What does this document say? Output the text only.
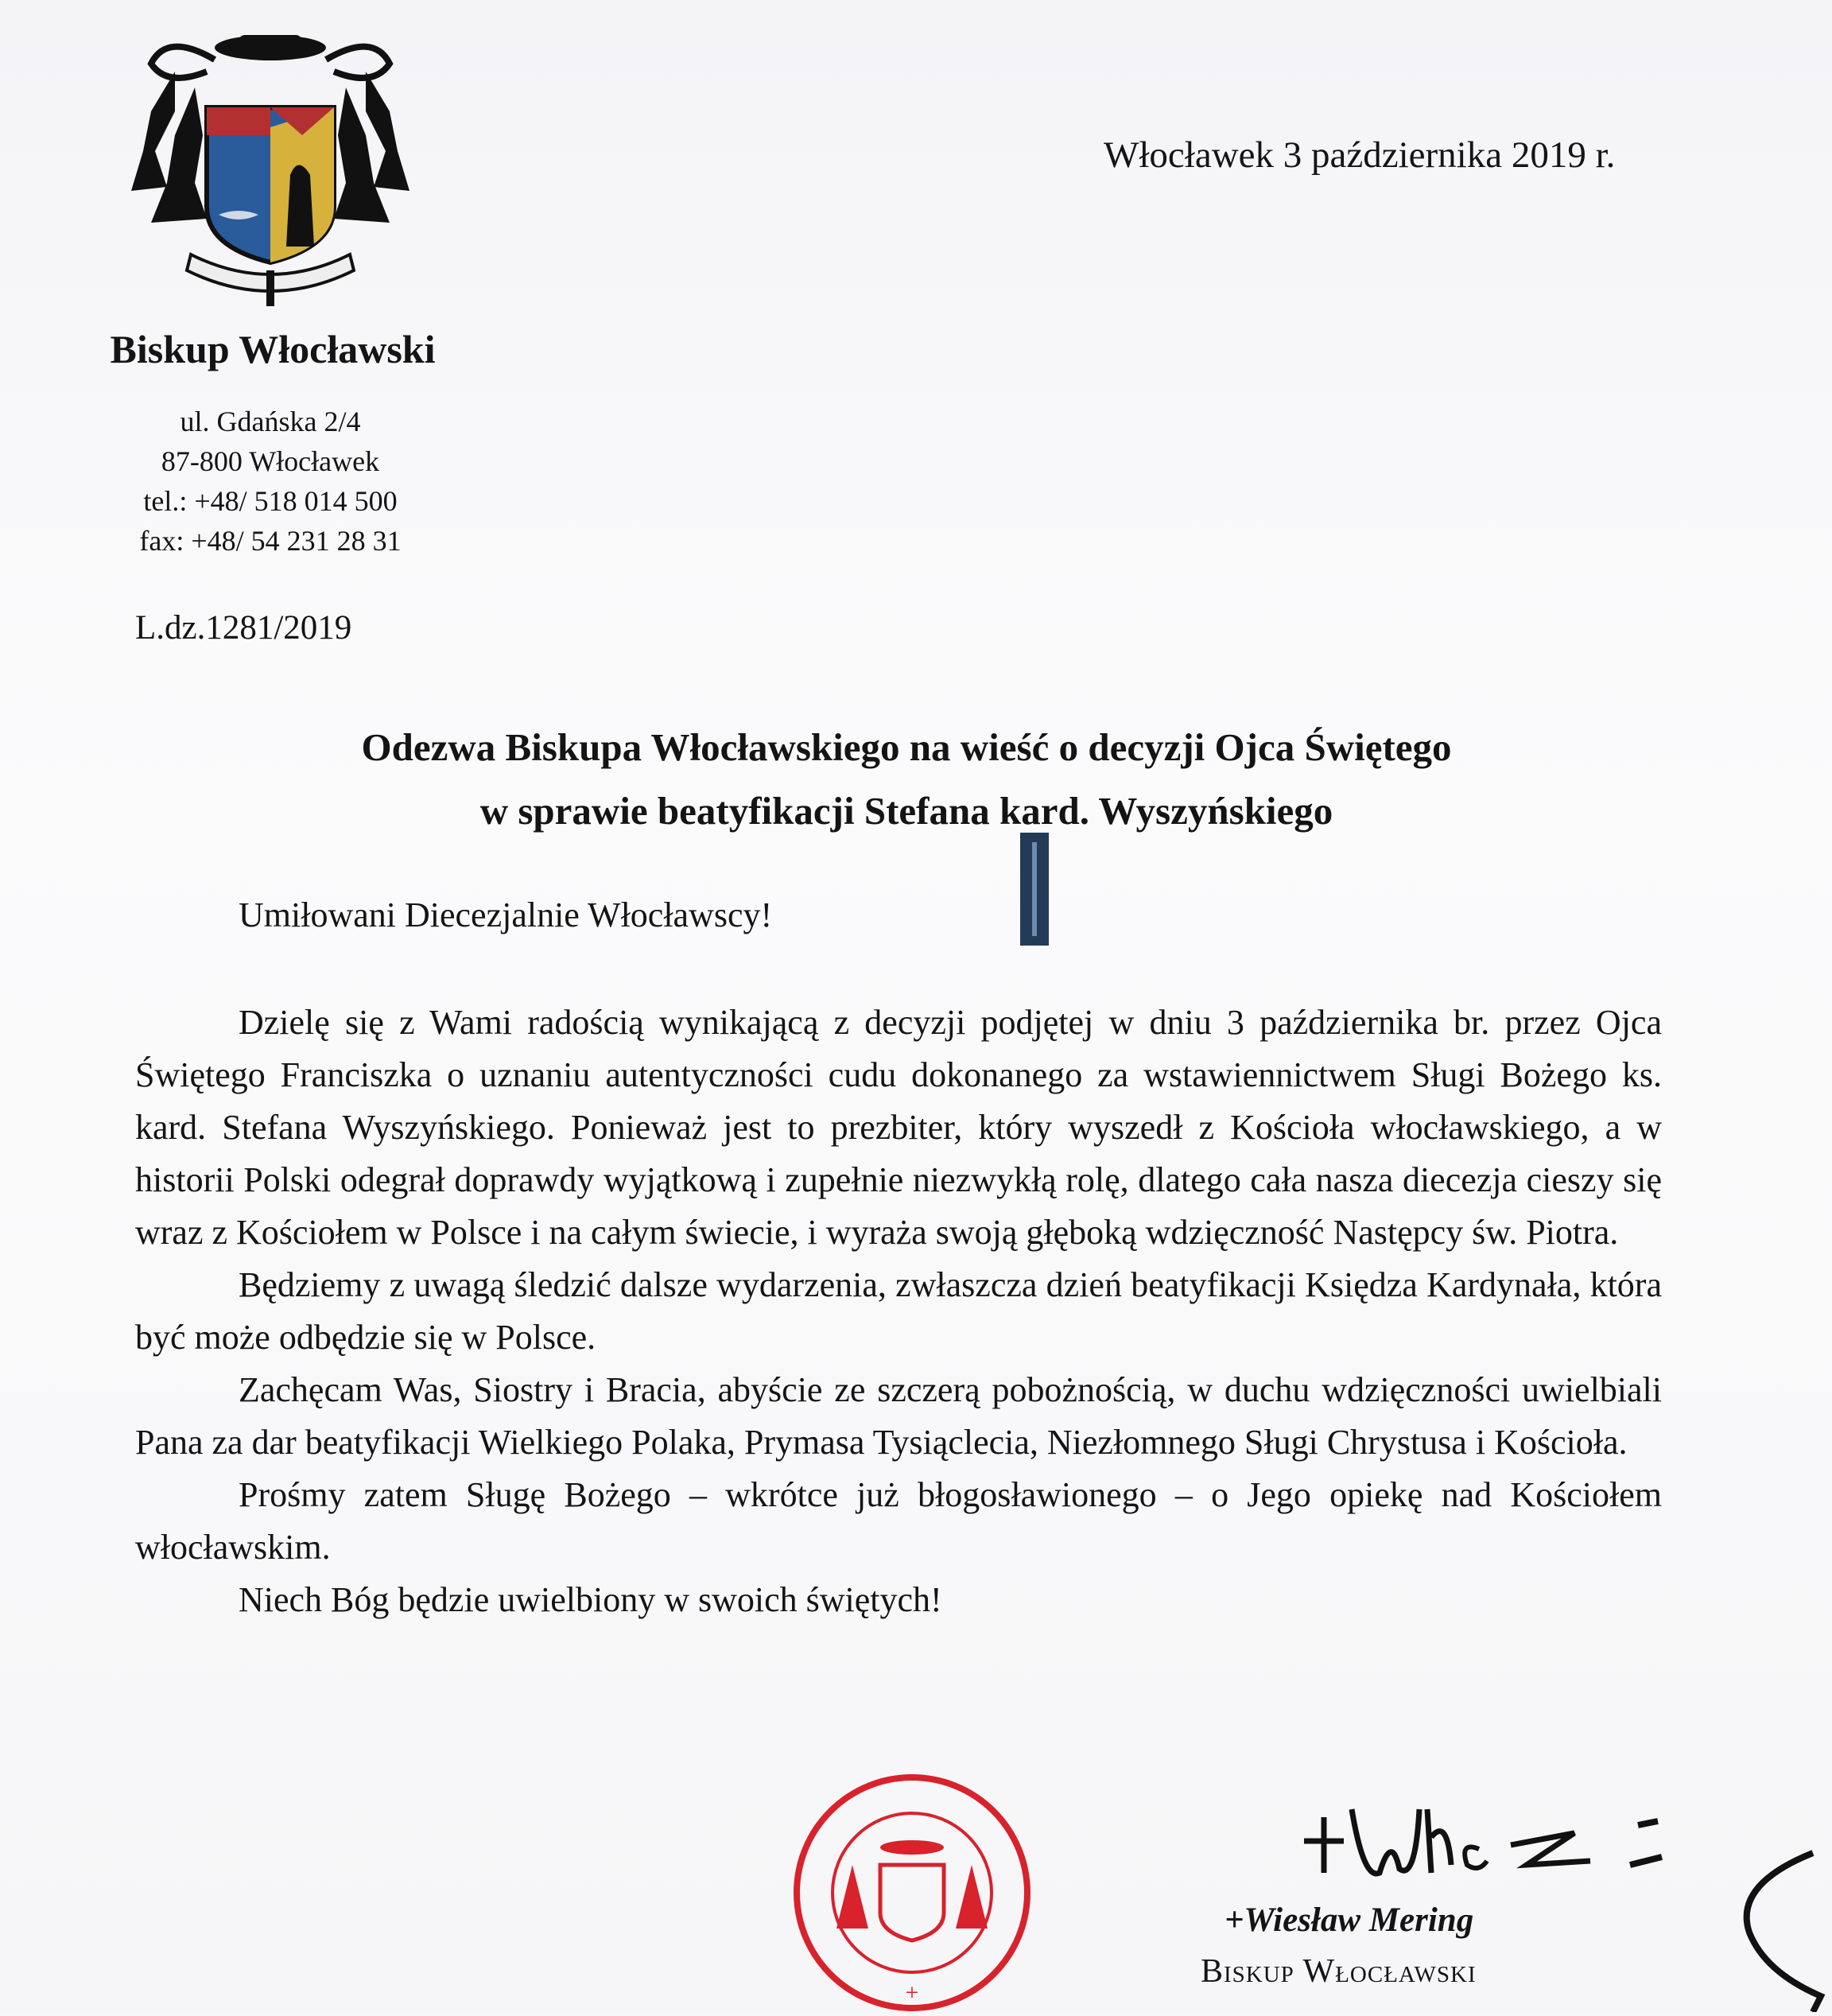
Biskup Włocławski
ul. Gdańska 2/4
87-800 Włocławek
tel.: +48/ 518 014 500
fax: +48/ 54 231 28 31
Włocławek 3 października 2019 r.
L.dz.1281/2019
Odezwa Biskupa Włocławskiego na wieść o decyzji Ojca Świętego
w sprawie beatyfikacji Stefana kard. Wyszyńskiego
Umiłowani Diecezjalnie Włocławscy!

Dzielę się z Wami radością wynikającą z decyzji podjętej w dniu 3 października br. przez Ojca Świętego Franciszka o uznaniu autentyczności cudu dokonanego za wstawiennictwem Sługi Bożego ks. kard. Stefana Wyszyńskiego. Ponieważ jest to prezbiter, który wyszedł z Kościoła włocławskiego, a w historii Polski odegrał doprawdy wyjątkową i zupełnie niezwykłą rolę, dlatego cała nasza diecezja cieszy się wraz z Kościołem w Polsce i na całym świecie, i wyraża swoją głęboką wdzięczność Następcy św. Piotra.

Będziemy z uwagą śledzić dalsze wydarzenia, zwłaszcza dzień beatyfikacji Księdza Kardynała, która być może odbędzie się w Polsce.

Zachęcam Was, Siostry i Bracia, abyście ze szczerą pobożnością, w duchu wdzięczności uwielbiali Pana za dar beatyfikacji Wielkiego Polaka, Prymasa Tysiąclecia, Niezłomnego Sługi Chrystusa i Kościoła.

Prośmy zatem Sługę Bożego – wkrótce już błogosławionego – o Jego opiekę nad Kościołem włocławskim.

Niech Bóg będzie uwielbiony w swoich świętych!

+
+Wiesław Mering
Biskup Włocławski
